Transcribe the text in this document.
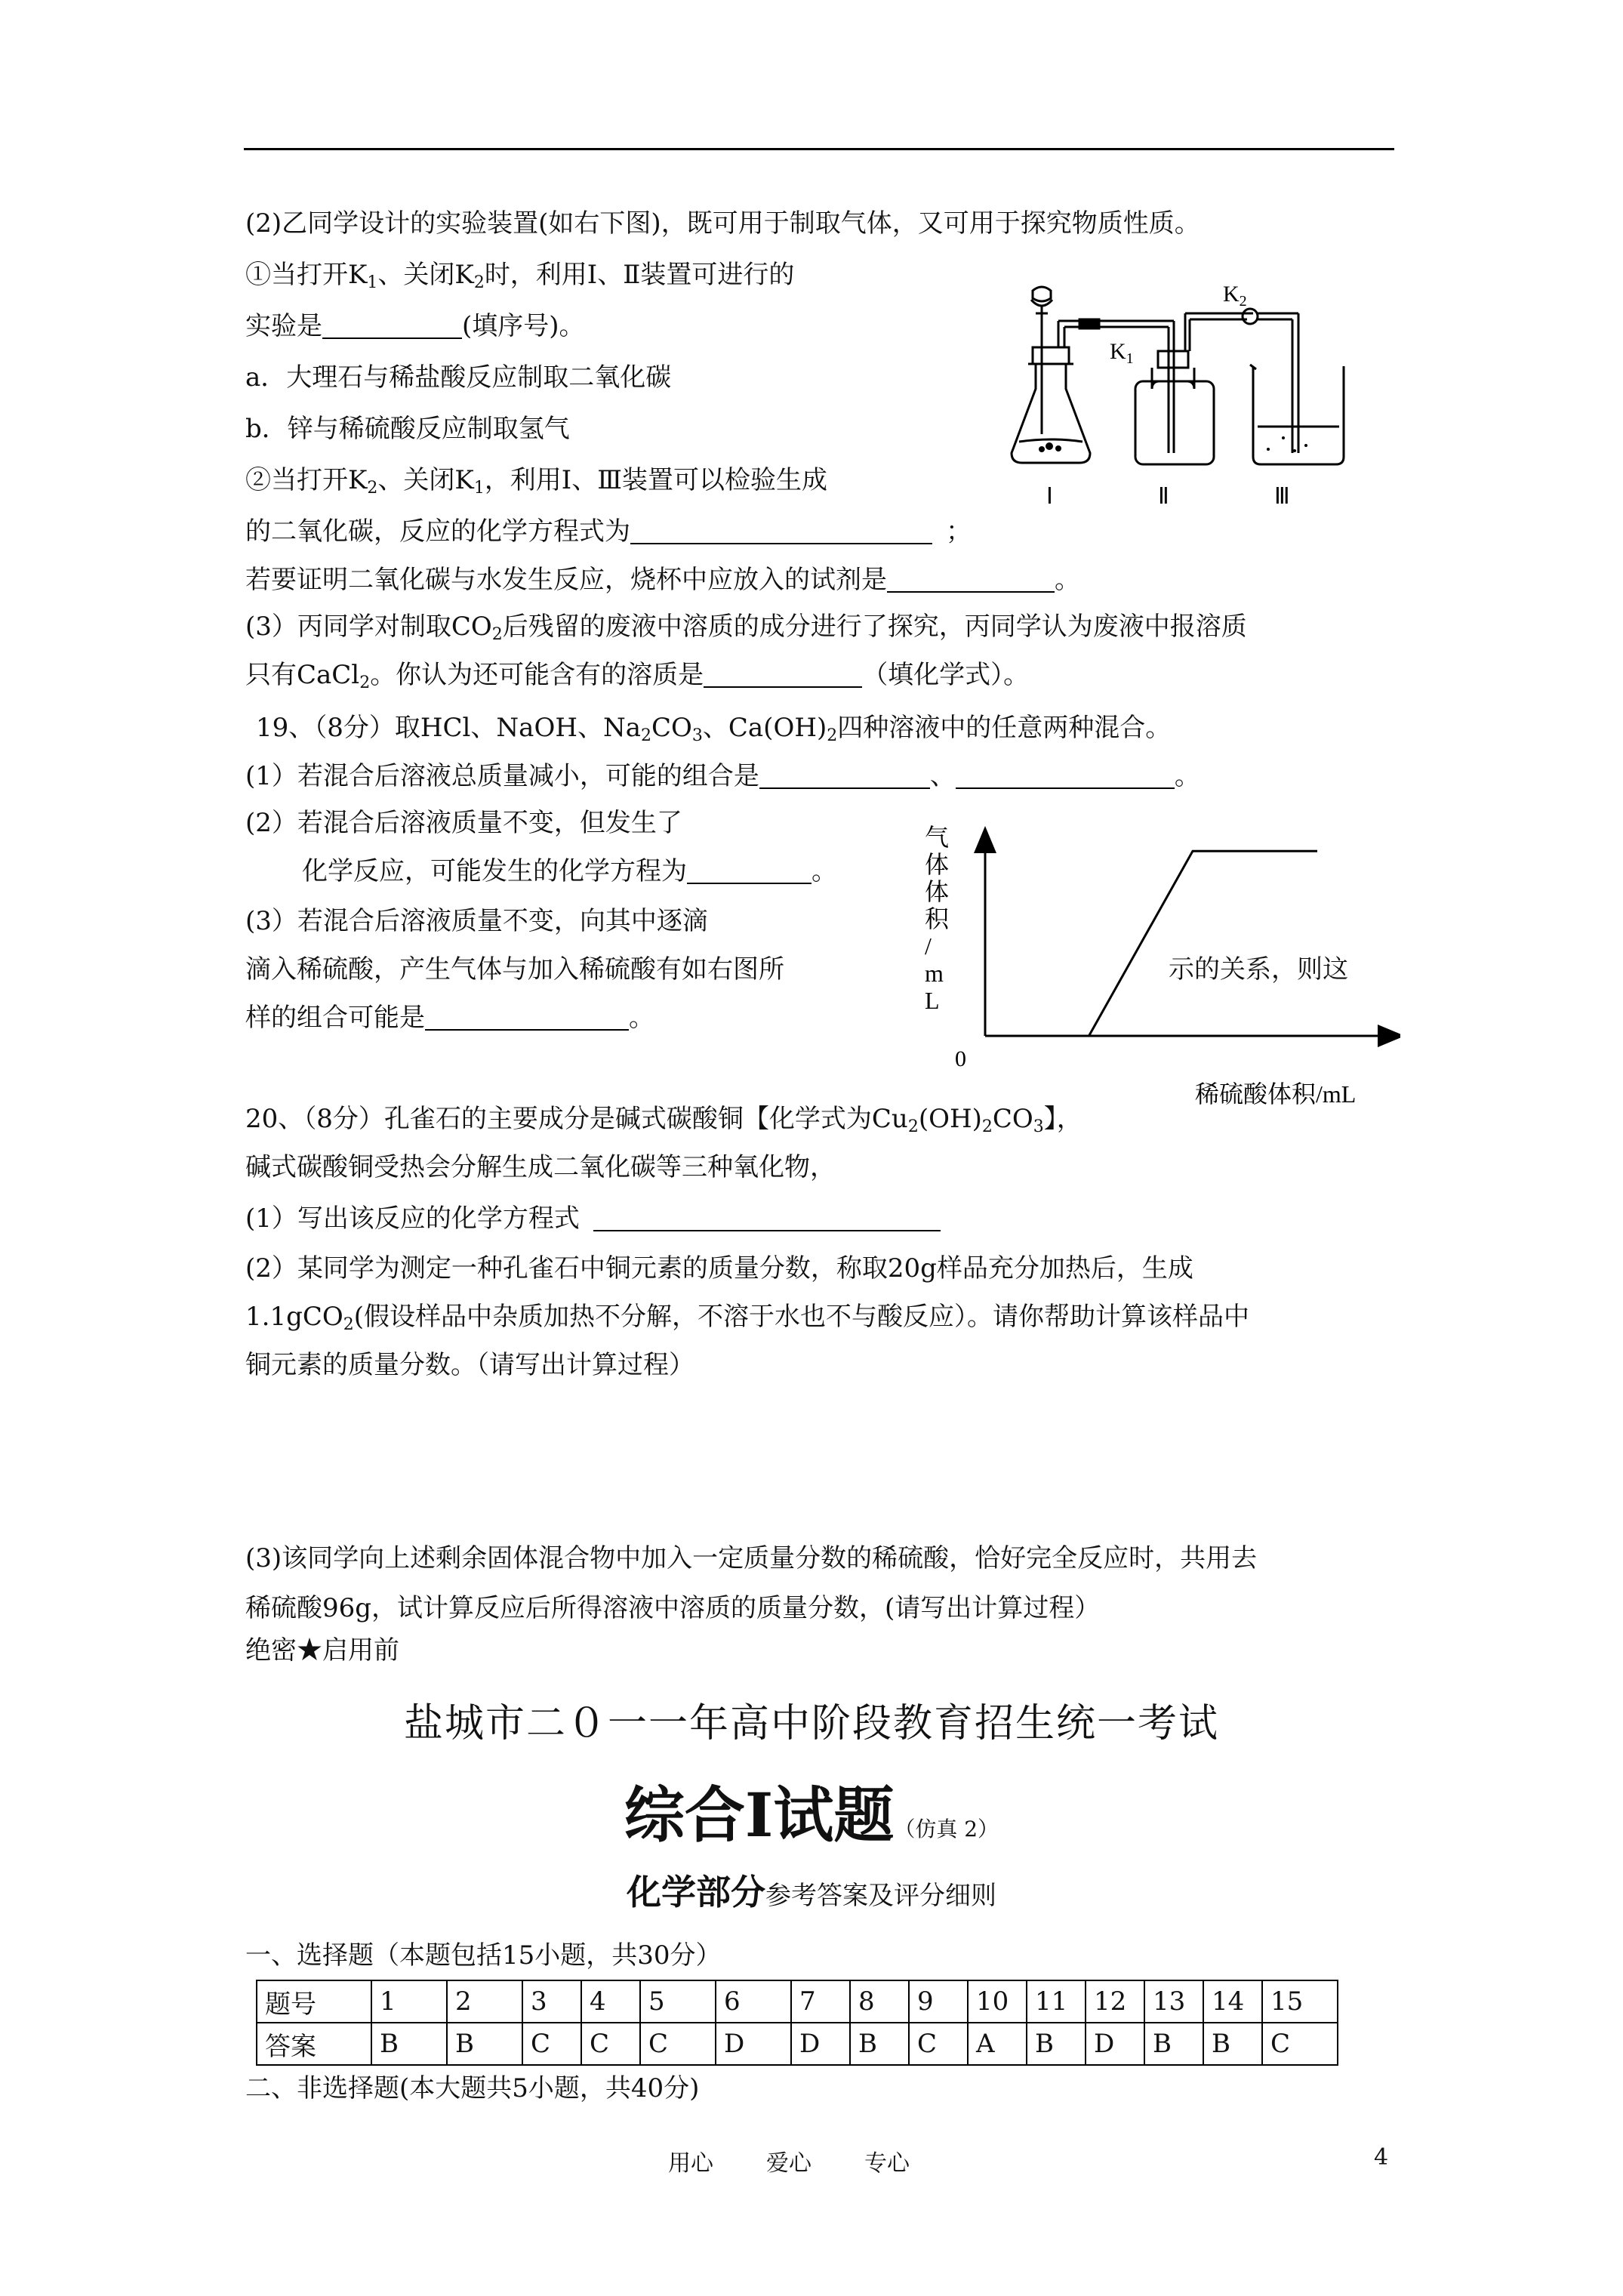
(2)乙同学设计的实验装置(如右下图)，既可用于制取气体，又可用于探究物质性质。
①当打开$K_1$、关闭$K_2$时，利用Ⅰ、Ⅱ装置可进行的
实验是	(填序号)。
a．大理石与稀盐酸反应制取二氧化碳
b．锌与稀硫酸反应制取氢气
②当打开$K_2$、关闭$K_1$，利用Ⅰ、Ⅲ装置可以检验生成
的二氧化碳，反应的化学方程式为	；
若要证明二氧化碳与水发生反应，烧杯中应放入的试剂是	。
(3）丙同学对制取$CO_2$后残留的废液中溶质的成分进行了探究，丙同学认为废液中报溶质
只有CaCl$_2$。你认为还可能含有的溶质是	（填化学式）。
$K_1$
$K_2$
Ⅰ	Ⅱ	Ⅲ
19、（8分）取HCl、NaOH、$Na_2CO_3$、$Ca(OH)_2$四种溶液中的任意两种混合。
(1）若混合后溶液总质量减小，可能的组合是	、	。
(2）若混合后溶液质量不变，但发生了
化学反应，可能发生的化学方程为	。
(3）若混合后溶液质量不变，向其中逐滴
滴入稀硫酸，产生气体与加入稀硫酸有如右图所	示的关系，则这
样的组合可能是	。
气体体积/ m L
0
稀硫酸体积/mL
20、（8分）孔雀石的主要成分是碱式碳酸铜【化学式为$Cu_2(OH)_2CO_3$】，
碱式碳酸铜受热会分解生成二氧化碳等三种氧化物，
(1）写出该反应的化学方程式
(2）某同学为测定一种孔雀石中铜元素的质量分数，称取20g样品充分加热后，生成
1.1gCO$_2$(假设样品中杂质加热不分解，不溶于水也不与酸反应）。请你帮助计算该样品中
铜元素的质量分数。（请写出计算过程）
(3)该同学向上述剩余固体混合物中加入一定质量分数的稀硫酸，恰好完全反应时，共用去
稀硫酸96g，试计算反应后所得溶液中溶质的质量分数，(请写出计算过程）
绝密★启用前
盐城市二０一一年高中阶段教育招生统一考试
综合Ⅰ试题（仿真 2）
化学部分参考答案及评分细则
一、选择题（本题包括15小题，共30分）
题号	1	2	3	4	5	6	7	8	9	10	11	12	13	14	15
答案	B	B	C	C	C	D	D	B	C	A	B	D	B	B	C
二、非选择题(本大题共5小题，共40分)
用心 爱心 专心	4
